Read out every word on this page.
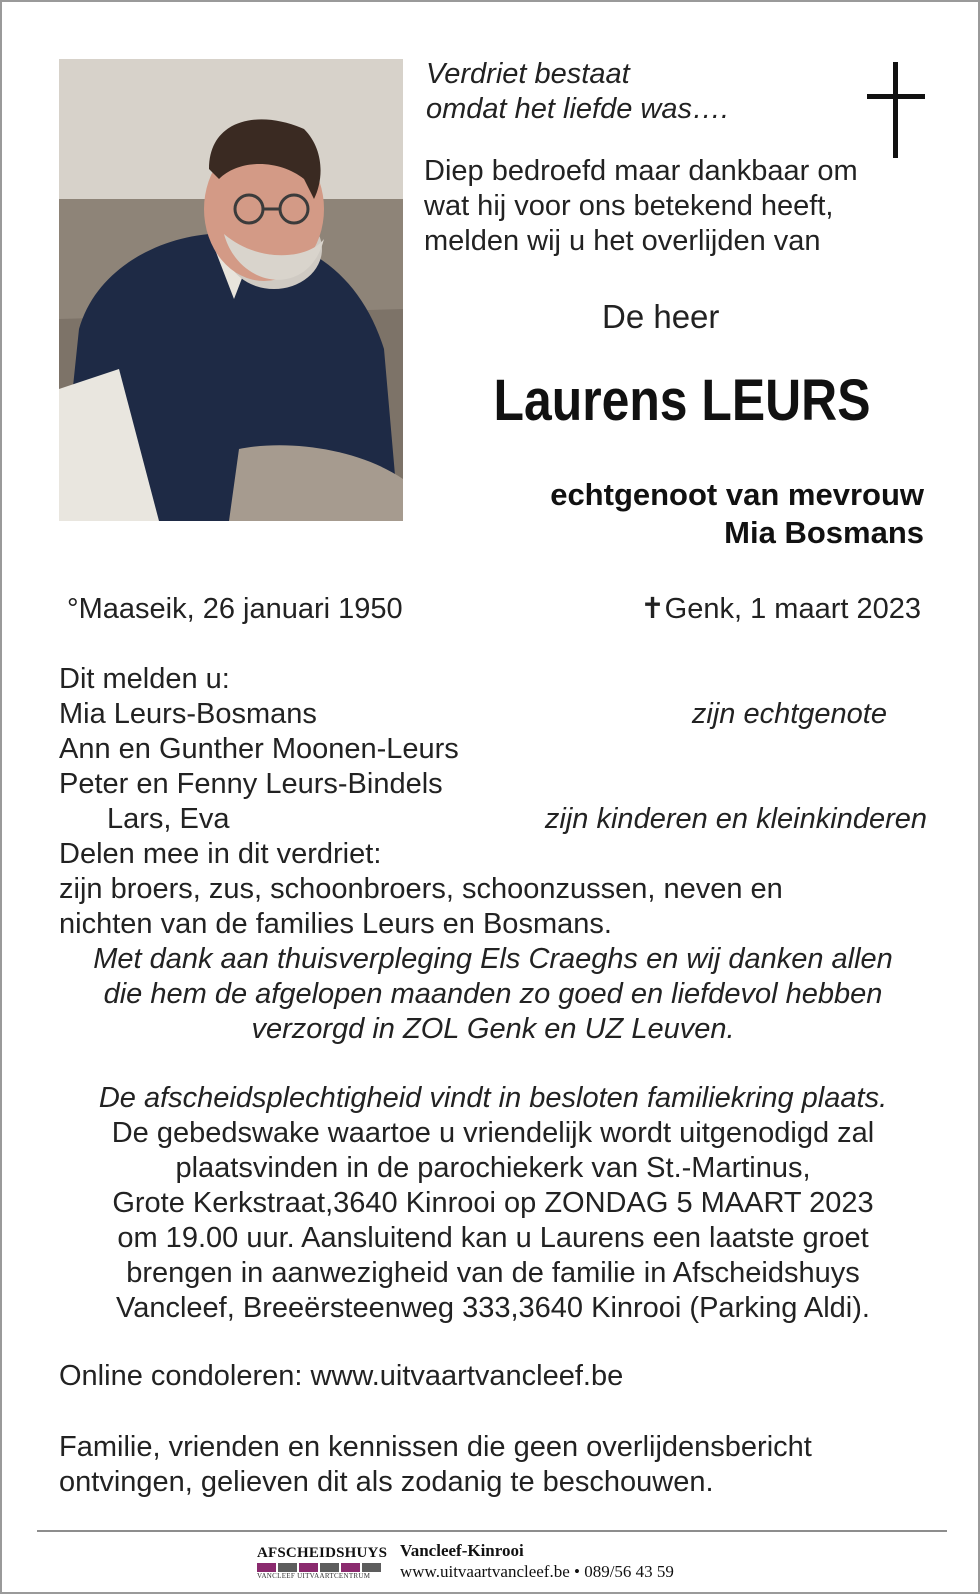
Verdriet bestaat
omdat het liefde was….
Diep bedroefd maar dankbaar om
wat hij voor ons betekend heeft,
melden wij u het overlijden van
De heer
Laurens LEURS
echtgenoot van mevrouw
Mia Bosmans
°Maaseik, 26 januari 1950	✝Genk, 1 maart 2023
Dit melden u:
Mia Leurs-Bosmans	zijn echtgenote
Ann en Gunther Moonen-Leurs
Peter en Fenny Leurs-Bindels
Lars, Eva	zijn kinderen en kleinkinderen
Delen mee in dit verdriet:
zijn broers, zus, schoonbroers, schoonzussen, neven en
nichten van de families Leurs en Bosmans.
Met dank aan thuisverpleging Els Craeghs en wij danken allen
die hem de afgelopen maanden zo goed en liefdevol hebben
verzorgd in ZOL Genk en UZ Leuven.
De afscheidsplechtigheid vindt in besloten familiekring plaats.
De gebedswake waartoe u vriendelijk wordt uitgenodigd zal
plaatsvinden in de parochiekerk van St.-Martinus,
Grote Kerkstraat,3640 Kinrooi op ZONDAG 5 MAART 2023
om 19.00 uur. Aansluitend kan u Laurens een laatste groet
brengen in aanwezigheid van de familie in Afscheidshuys
Vancleef, Breeërsteenweg 333,3640 Kinrooi (Parking Aldi).
Online condoleren: www.uitvaartvancleef.be
Familie, vrienden en kennissen die geen overlijdensbericht
ontvingen, gelieven dit als zodanig te beschouwen.
AFSCHEIDSHUYS
VANCLEEF UITVAARTCENTRUM
Vancleef-Kinrooi
www.uitvaartvancleef.be • 089/56 43 59
